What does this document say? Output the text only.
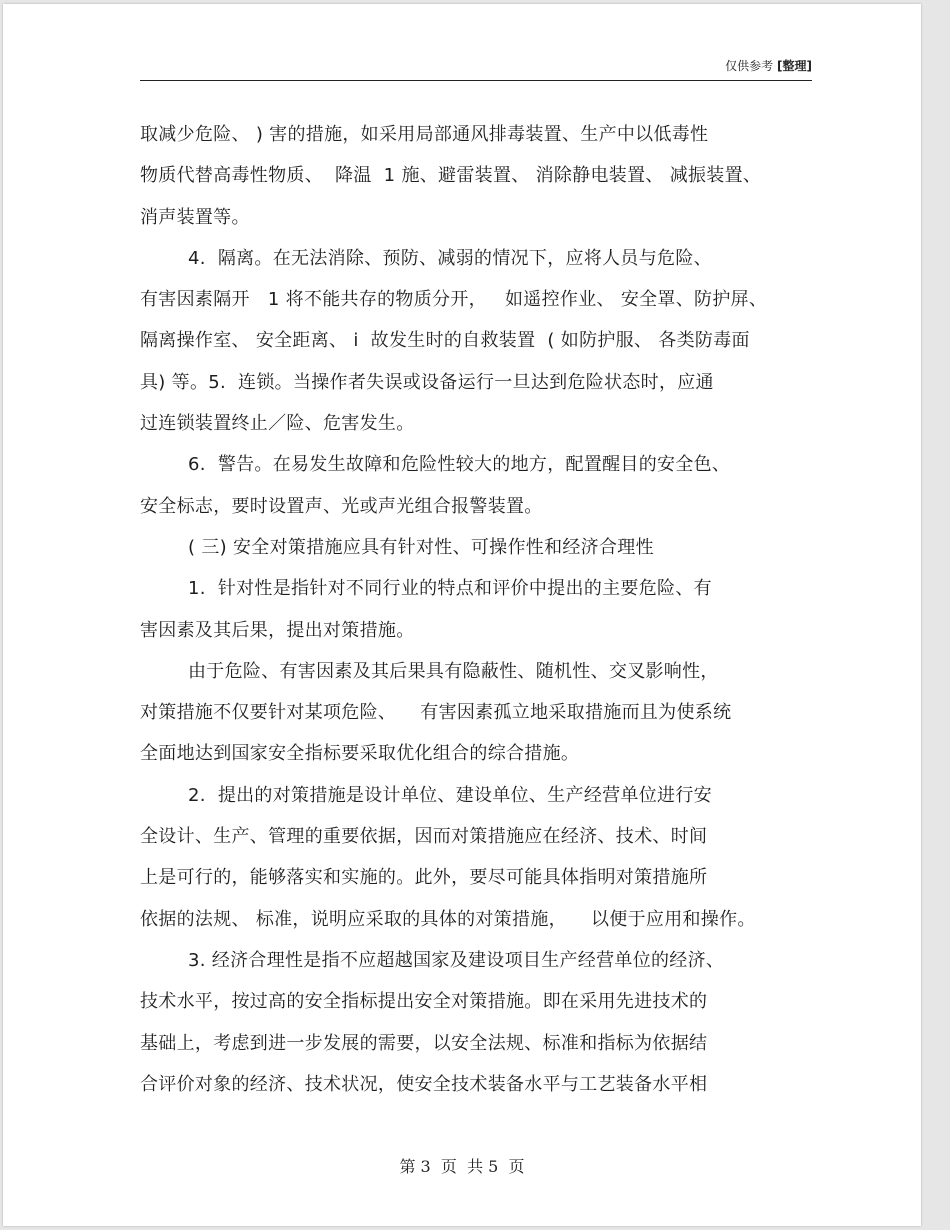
仅供参考 [整理]
取减少危险、 ) 害的措施，如采用局部通风排毒装置、生产中以低毒性
物质代替高毒性物质、  降温  1 施、避雷装置、 消除静电装置、 减振装置、
消声装置等。
4.  隔离。在无法消除、预防、减弱的情况下，应将人员与危险、
有害因素隔开   1 将不能共存的物质分开，   如遥控作业、 安全罩、防护屏、
隔离操作室、 安全距离、 i  故发生时的自救装置  ( 如防护服、 各类防毒面
具) 等。5.  连锁。当操作者失误或设备运行一旦达到危险状态时，应通
过连锁装置终止／险、危害发生。
6.  警告。在易发生故障和危险性较大的地方，配置醒目的安全色、
安全标志，要时设置声、光或声光组合报警装置。
( 三) 安全对策措施应具有针对性、可操作性和经济合理性
1.  针对性是指针对不同行业的特点和评价中提出的主要危险、有
害因素及其后果，提出对策措施。
由于危险、有害因素及其后果具有隐蔽性、随机性、交叉影响性，
对策措施不仅要针对某项危险、    有害因素孤立地采取措施而且为使系统
全面地达到国家安全指标要采取优化组合的综合措施。
2.  提出的对策措施是设计单位、建设单位、生产经营单位进行安
全设计、生产、管理的重要依据，因而对策措施应在经济、技术、时间
上是可行的，能够落实和实施的。此外，要尽可能具体指明对策措施所
依据的法规、 标准，说明应采取的具体的对策措施，    以便于应用和操作。
3. 经济合理性是指不应超越国家及建设项目生产经营单位的经济、
技术水平，按过高的安全指标提出安全对策措施。即在采用先进技术的
基础上，考虑到进一步发展的需要，以安全法规、标准和指标为依据结
合评价对象的经济、技术状况，使安全技术装备水平与工艺装备水平相
第 3  页  共 5  页
